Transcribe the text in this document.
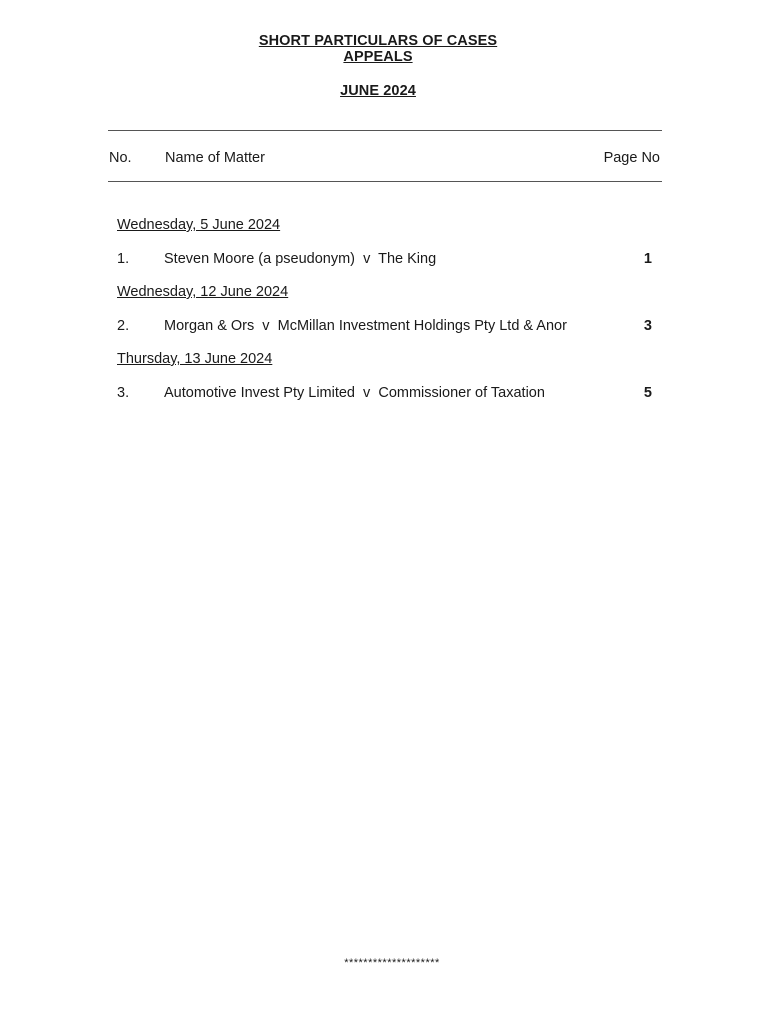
SHORT PARTICULARS OF CASES
APPEALS
JUNE 2024
No. Name of Matter	Page No
Wednesday, 5 June 2024
1. Steven Moore (a pseudonym)  v  The King	1
Wednesday, 12 June 2024
2. Morgan & Ors  v  McMillan Investment Holdings Pty Ltd & Anor	3
Thursday, 13 June 2024
3. Automotive Invest Pty Limited  v  Commissioner of Taxation	5
********************
